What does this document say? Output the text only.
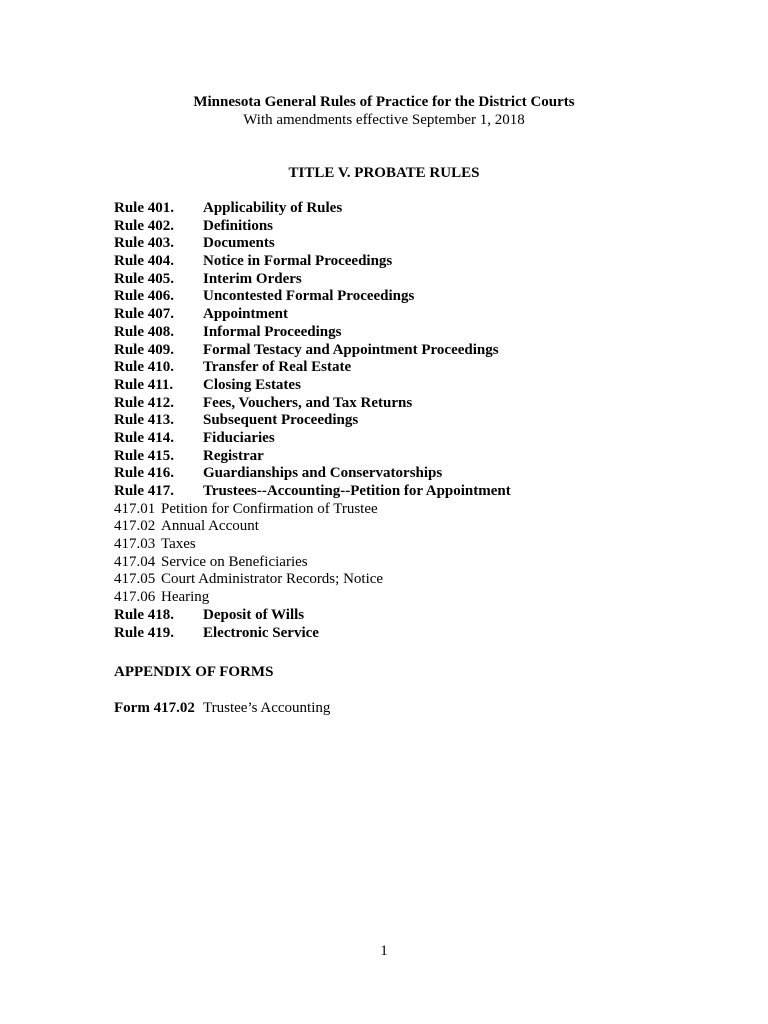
Minnesota General Rules of Practice for the District Courts
With amendments effective September 1, 2018
TITLE V. PROBATE RULES
Rule 401. Applicability of Rules
Rule 402. Definitions
Rule 403. Documents
Rule 404. Notice in Formal Proceedings
Rule 405. Interim Orders
Rule 406. Uncontested Formal Proceedings
Rule 407. Appointment
Rule 408. Informal Proceedings
Rule 409. Formal Testacy and Appointment Proceedings
Rule 410. Transfer of Real Estate
Rule 411. Closing Estates
Rule 412. Fees, Vouchers, and Tax Returns
Rule 413. Subsequent Proceedings
Rule 414. Fiduciaries
Rule 415. Registrar
Rule 416. Guardianships and Conservatorships
Rule 417. Trustees--Accounting--Petition for Appointment
417.01 Petition for Confirmation of Trustee
417.02 Annual Account
417.03 Taxes
417.04 Service on Beneficiaries
417.05 Court Administrator Records; Notice
417.06 Hearing
Rule 418. Deposit of Wills
Rule 419. Electronic Service
APPENDIX OF FORMS
Form 417.02 Trustee’s Accounting
1
